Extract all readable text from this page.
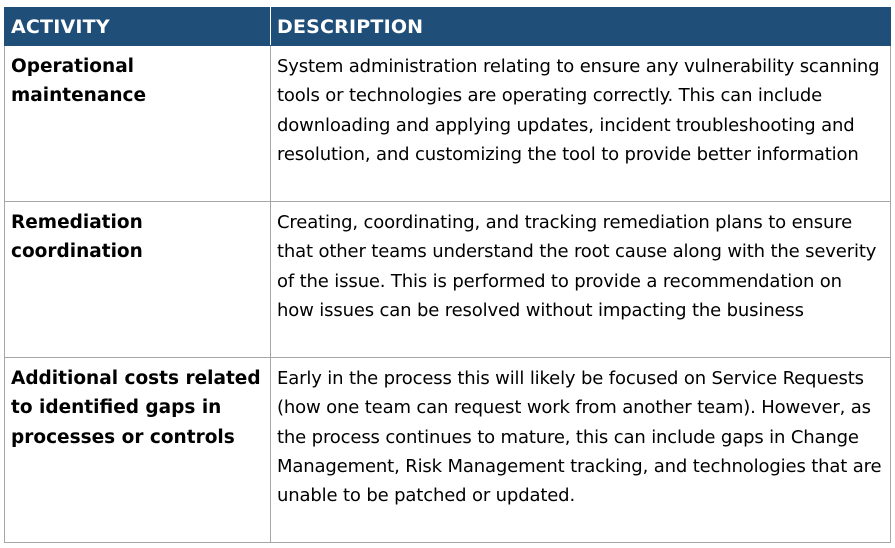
ACTIVITY	DESCRIPTION
Operational maintenance	System administration relating to ensure any vulnerability scanning tools or technologies are operating correctly. This can include downloading and applying updates, incident troubleshooting and resolution, and customizing the tool to provide better information
Remediation coordination	Creating, coordinating, and tracking remediation plans to ensure that other teams understand the root cause along with the severity of the issue. This is performed to provide a recommendation on how issues can be resolved without impacting the business
Additional costs related to identified gaps in processes or controls	Early in the process this will likely be focused on Service Requests (how one team can request work from another team). However, as the process continues to mature, this can include gaps in Change Management, Risk Management tracking, and technologies that are unable to be patched or updated.
